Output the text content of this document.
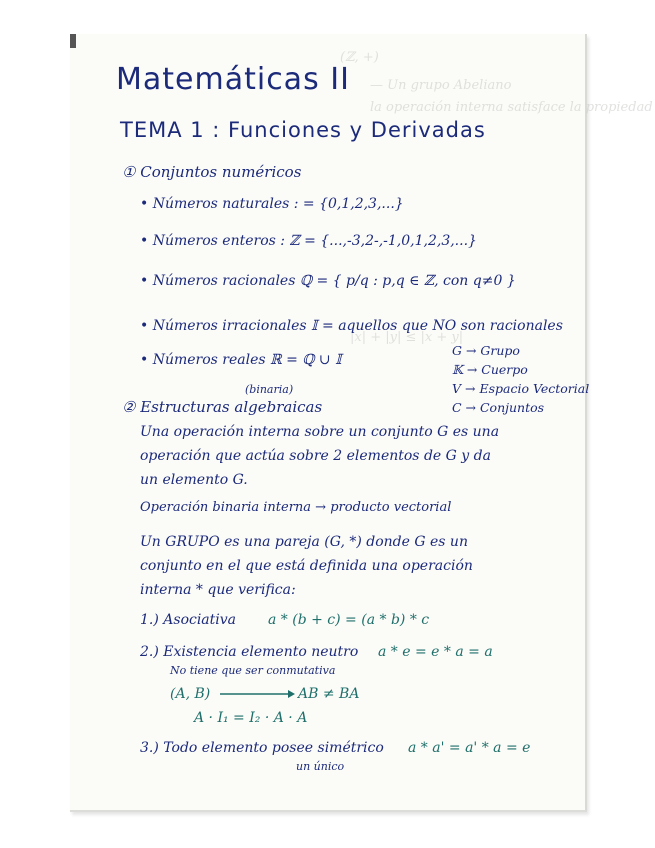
(ℤ, +)
— Un grupo Abeliano
la operación interna satisface la propiedad
|x| + |y| ≤ |x + y|
Matemáticas II
TEMA 1 : Funciones y Derivadas
① Conjuntos numéricos
• Números naturales : = {0,1,2,3,...}
• Números enteros : ℤ = {...,-3,2-,-1,0,1,2,3,...}
• Números racionales ℚ = { p/q : p,q ∈ ℤ, con q≠0 }
• Números irracionales 𝕀 = aquellos que NO son racionales
• Números reales ℝ = ℚ ∪ 𝕀
G → Grupo
𝕂 → Cuerpo
V → Espacio Vectorial
C → Conjuntos
(binaria)
② Estructuras algebraicas
Una operación interna sobre un conjunto G es una
operación que actúa sobre 2 elementos de G y da
un elemento G.
Operación binaria interna → producto vectorial
Un GRUPO es una pareja (G, *) donde G es un
conjunto en el que está definida una operación
interna * que verifica:
1.) Asociativa a * (b + c) = (a * b) * c
2.) Existencia elemento neutro a * e = e * a = a
No tiene que ser conmutativa
(A, B)	AB ≠ BA
A · I₁ = I₂ · A · A
3.) Todo elemento posee simétrico a * a' = a' * a = e
un único
